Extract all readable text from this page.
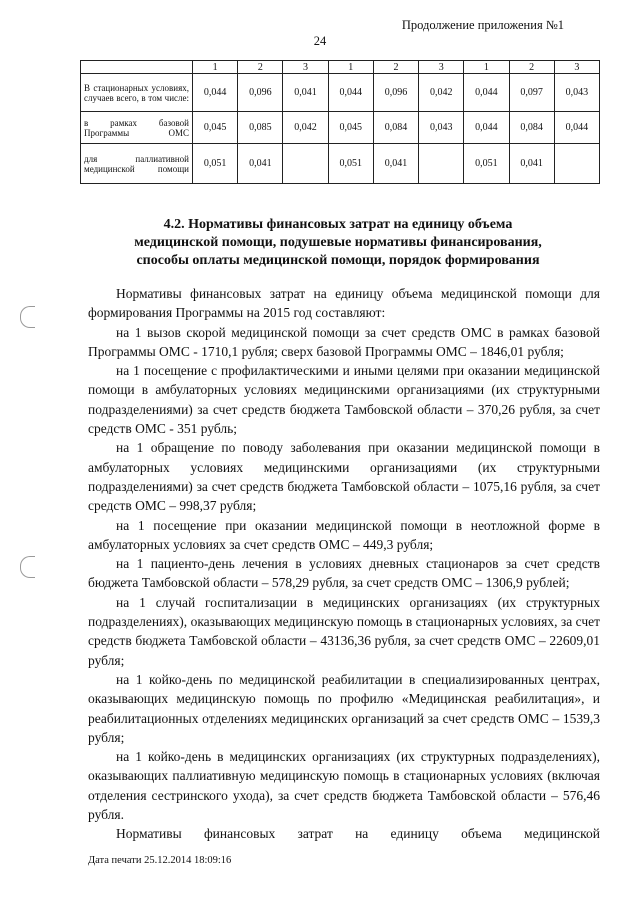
Продолжение приложения №1
24
	1	2	3	1	2	3	1	2	3
В стационарных условиях, случаев всего, в том числе:	0,044	0,096	0,041	0,044	0,096	0,042	0,044	0,097	0,043
в рамках базовой Программы ОМС	0,045	0,085	0,042	0,045	0,084	0,043	0,044	0,084	0,044
для паллиативной медицинской помощи	0,051	0,041		0,051	0,041		0,051	0,041	
4.2. Нормативы финансовых затрат на единицу объема
медицинской помощи, подушевые нормативы финансирования,
способы оплаты медицинской помощи, порядок формирования

Нормативы финансовых затрат на единицу объема медицинской помощи для формирования Программы на 2015 год составляют:

на 1 вызов скорой медицинской помощи за счет средств ОМС в рамках базовой Программы ОМС - 1710,1 рубля; сверх базовой Программы ОМС – 1846,01 рубля;

на 1 посещение с профилактическими и иными целями при оказании медицинской помощи в амбулаторных условиях медицинскими организациями (их структурными подразделениями) за счет средств бюджета Тамбовской области – 370,26 рубля, за счет средств ОМС - 351 рубль;

на 1 обращение по поводу заболевания при оказании медицинской помощи в амбулаторных условиях медицинскими организациями (их структурными подразделениями) за счет средств бюджета Тамбовской области – 1075,16 рубля, за счет средств ОМС – 998,37 рубля;

на 1 посещение при оказании медицинской помощи в неотложной форме в амбулаторных условиях за счет средств ОМС – 449,3 рубля;

на 1 пациенто-день лечения в условиях дневных стационаров за счет средств бюджета Тамбовской области – 578,29 рубля, за счет средств ОМС – 1306,9 рублей;

на 1 случай госпитализации в медицинских организациях (их структурных подразделениях), оказывающих медицинскую помощь в стационарных условиях, за счет средств бюджета Тамбовской области – 43136,36 рубля, за счет средств ОМС – 22609,01 рубля;

на 1 койко-день по медицинской реабилитации в специализированных центрах, оказывающих медицинскую помощь по профилю «Медицинская реабилитация», и реабилитационных отделениях медицинских организаций за счет средств ОМС – 1539,3 рубля;

на 1 койко-день в медицинских организациях (их структурных подразделениях), оказывающих паллиативную медицинскую помощь в стационарных условиях (включая отделения сестринского ухода), за счет средств бюджета Тамбовской области – 576,46 рубля.

Нормативы финансовых затрат на единицу объема медицинской

Дата печати 25.12.2014 18:09:16
